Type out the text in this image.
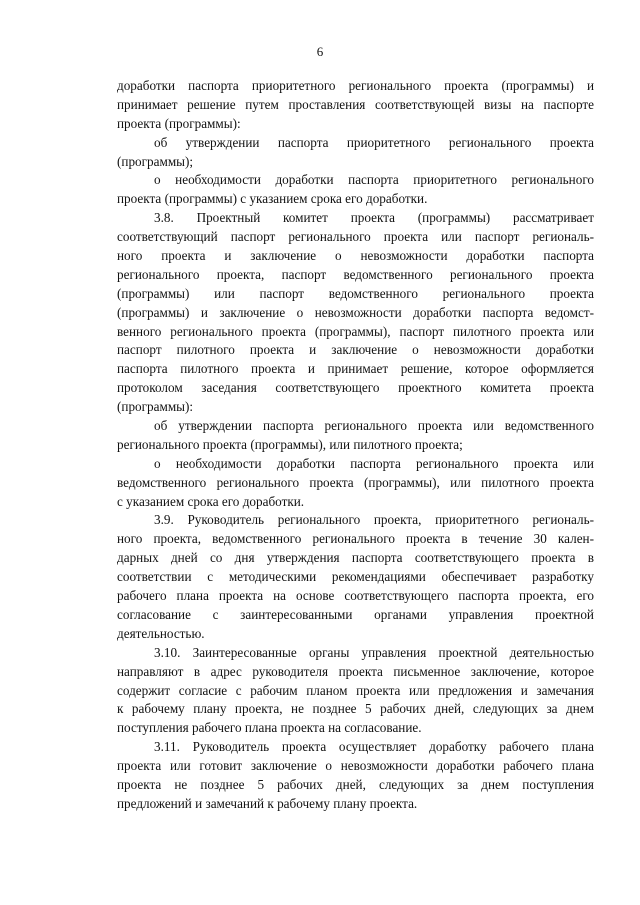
6
доработки паспорта приоритетного регионального проекта (программы) и
принимает решение путем проставления соответствующей визы на паспорте
проекта (программы):
об утверждении паспорта приоритетного регионального проекта
(программы);
о необходимости доработки паспорта приоритетного регионального
проекта (программы) с указанием срока его доработки.
3.8. Проектный комитет проекта (программы) рассматривает
соответствующий паспорт регионального проекта или паспорт региональ-
ного проекта и заключение о невозможности доработки паспорта
регионального проекта, паспорт ведомственного регионального проекта
(программы) или паспорт ведомственного регионального проекта
(программы) и заключение о невозможности доработки паспорта ведомст-
венного регионального проекта (программы), паспорт пилотного проекта или
паспорт пилотного проекта и заключение о невозможности доработки
паспорта пилотного проекта и принимает решение, которое оформляется
протоколом заседания соответствующего проектного комитета проекта
(программы):
об утверждении паспорта регионального проекта или ведомственного
регионального проекта (программы), или пилотного проекта;
о необходимости доработки паспорта регионального проекта или
ведомственного регионального проекта (программы), или пилотного проекта
с указанием срока его доработки.
3.9. Руководитель регионального проекта, приоритетного региональ-
ного проекта, ведомственного регионального проекта в течение 30 кален-
дарных дней со дня утверждения паспорта соответствующего проекта в
соответствии с методическими рекомендациями обеспечивает разработку
рабочего плана проекта на основе соответствующего паспорта проекта, его
согласование с заинтересованными органами управления проектной
деятельностью.
3.10. Заинтересованные органы управления проектной деятельностью
направляют в адрес руководителя проекта письменное заключение, которое
содержит согласие с рабочим планом проекта или предложения и замечания
к рабочему плану проекта, не позднее 5 рабочих дней, следующих за днем
поступления рабочего плана проекта на согласование.
3.11. Руководитель проекта осуществляет доработку рабочего плана
проекта или готовит заключение о невозможности доработки рабочего плана
проекта не позднее 5 рабочих дней, следующих за днем поступления
предложений и замечаний к рабочему плану проекта.
